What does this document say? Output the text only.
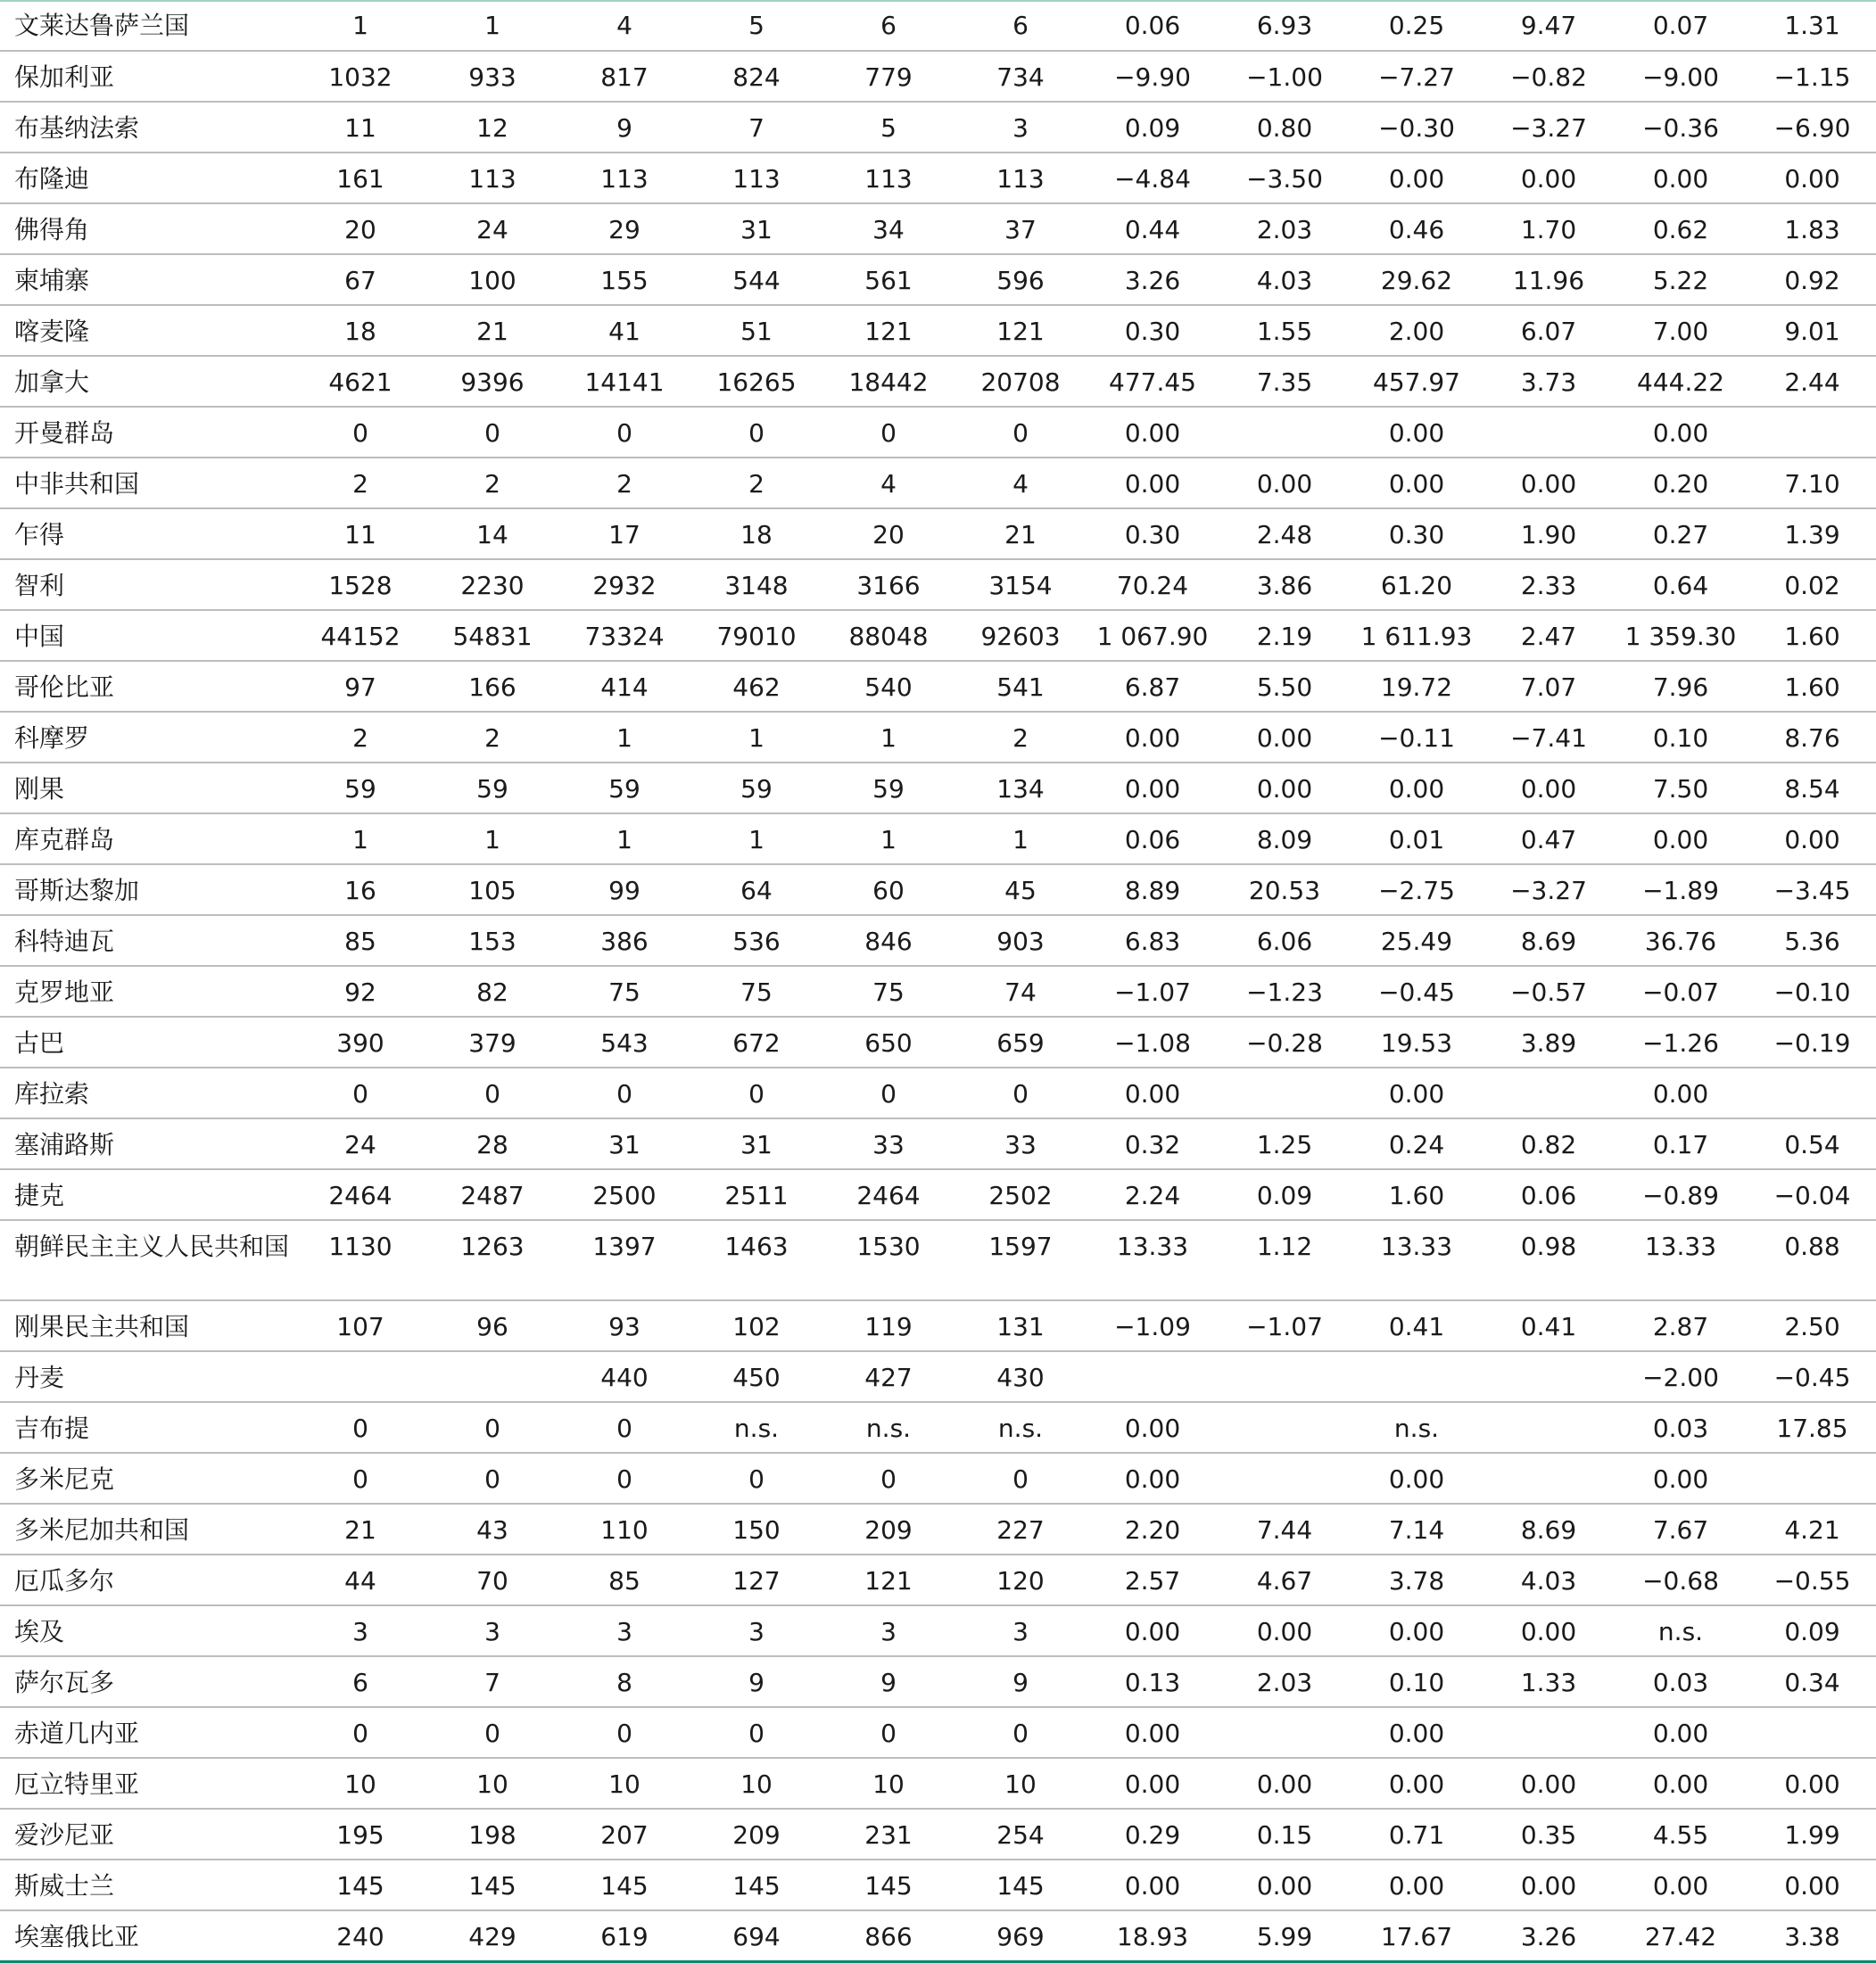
文莱达鲁萨兰国	1	1	4	5	6	6	0.06	6.93	0.25	9.47	0.07	1.31
保加利亚	1032	933	817	824	779	734	−9.90	−1.00	−7.27	−0.82	−9.00	−1.15
布基纳法索	11	12	9	7	5	3	0.09	0.80	−0.30	−3.27	−0.36	−6.90
布隆迪	161	113	113	113	113	113	−4.84	−3.50	0.00	0.00	0.00	0.00
佛得角	20	24	29	31	34	37	0.44	2.03	0.46	1.70	0.62	1.83
柬埔寨	67	100	155	544	561	596	3.26	4.03	29.62	11.96	5.22	0.92
喀麦隆	18	21	41	51	121	121	0.30	1.55	2.00	6.07	7.00	9.01
加拿大	4621	9396	14141	16265	18442	20708	477.45	7.35	457.97	3.73	444.22	2.44
开曼群岛	0	0	0	0	0	0	0.00		0.00		0.00	
中非共和国	2	2	2	2	4	4	0.00	0.00	0.00	0.00	0.20	7.10
乍得	11	14	17	18	20	21	0.30	2.48	0.30	1.90	0.27	1.39
智利	1528	2230	2932	3148	3166	3154	70.24	3.86	61.20	2.33	0.64	0.02
中国	44152	54831	73324	79010	88048	92603	1 067.90	2.19	1 611.93	2.47	1 359.30	1.60
哥伦比亚	97	166	414	462	540	541	6.87	5.50	19.72	7.07	7.96	1.60
科摩罗	2	2	1	1	1	2	0.00	0.00	−0.11	−7.41	0.10	8.76
刚果	59	59	59	59	59	134	0.00	0.00	0.00	0.00	7.50	8.54
库克群岛	1	1	1	1	1	1	0.06	8.09	0.01	0.47	0.00	0.00
哥斯达黎加	16	105	99	64	60	45	8.89	20.53	−2.75	−3.27	−1.89	−3.45
科特迪瓦	85	153	386	536	846	903	6.83	6.06	25.49	8.69	36.76	5.36
克罗地亚	92	82	75	75	75	74	−1.07	−1.23	−0.45	−0.57	−0.07	−0.10
古巴	390	379	543	672	650	659	−1.08	−0.28	19.53	3.89	−1.26	−0.19
库拉索	0	0	0	0	0	0	0.00		0.00		0.00	
塞浦路斯	24	28	31	31	33	33	0.32	1.25	0.24	0.82	0.17	0.54
捷克	2464	2487	2500	2511	2464	2502	2.24	0.09	1.60	0.06	−0.89	−0.04
朝鲜民主主义人民共和国	1130	1263	1397	1463	1530	1597	13.33	1.12	13.33	0.98	13.33	0.88
刚果民主共和国	107	96	93	102	119	131	−1.09	−1.07	0.41	0.41	2.87	2.50
丹麦			440	450	427	430					−2.00	−0.45
吉布提	0	0	0	n.s.	n.s.	n.s.	0.00		n.s.		0.03	17.85
多米尼克	0	0	0	0	0	0	0.00		0.00		0.00	
多米尼加共和国	21	43	110	150	209	227	2.20	7.44	7.14	8.69	7.67	4.21
厄瓜多尔	44	70	85	127	121	120	2.57	4.67	3.78	4.03	−0.68	−0.55
埃及	3	3	3	3	3	3	0.00	0.00	0.00	0.00	n.s.	0.09
萨尔瓦多	6	7	8	9	9	9	0.13	2.03	0.10	1.33	0.03	0.34
赤道几内亚	0	0	0	0	0	0	0.00		0.00		0.00	
厄立特里亚	10	10	10	10	10	10	0.00	0.00	0.00	0.00	0.00	0.00
爱沙尼亚	195	198	207	209	231	254	0.29	0.15	0.71	0.35	4.55	1.99
斯威士兰	145	145	145	145	145	145	0.00	0.00	0.00	0.00	0.00	0.00
埃塞俄比亚	240	429	619	694	866	969	18.93	5.99	17.67	3.26	27.42	3.38
